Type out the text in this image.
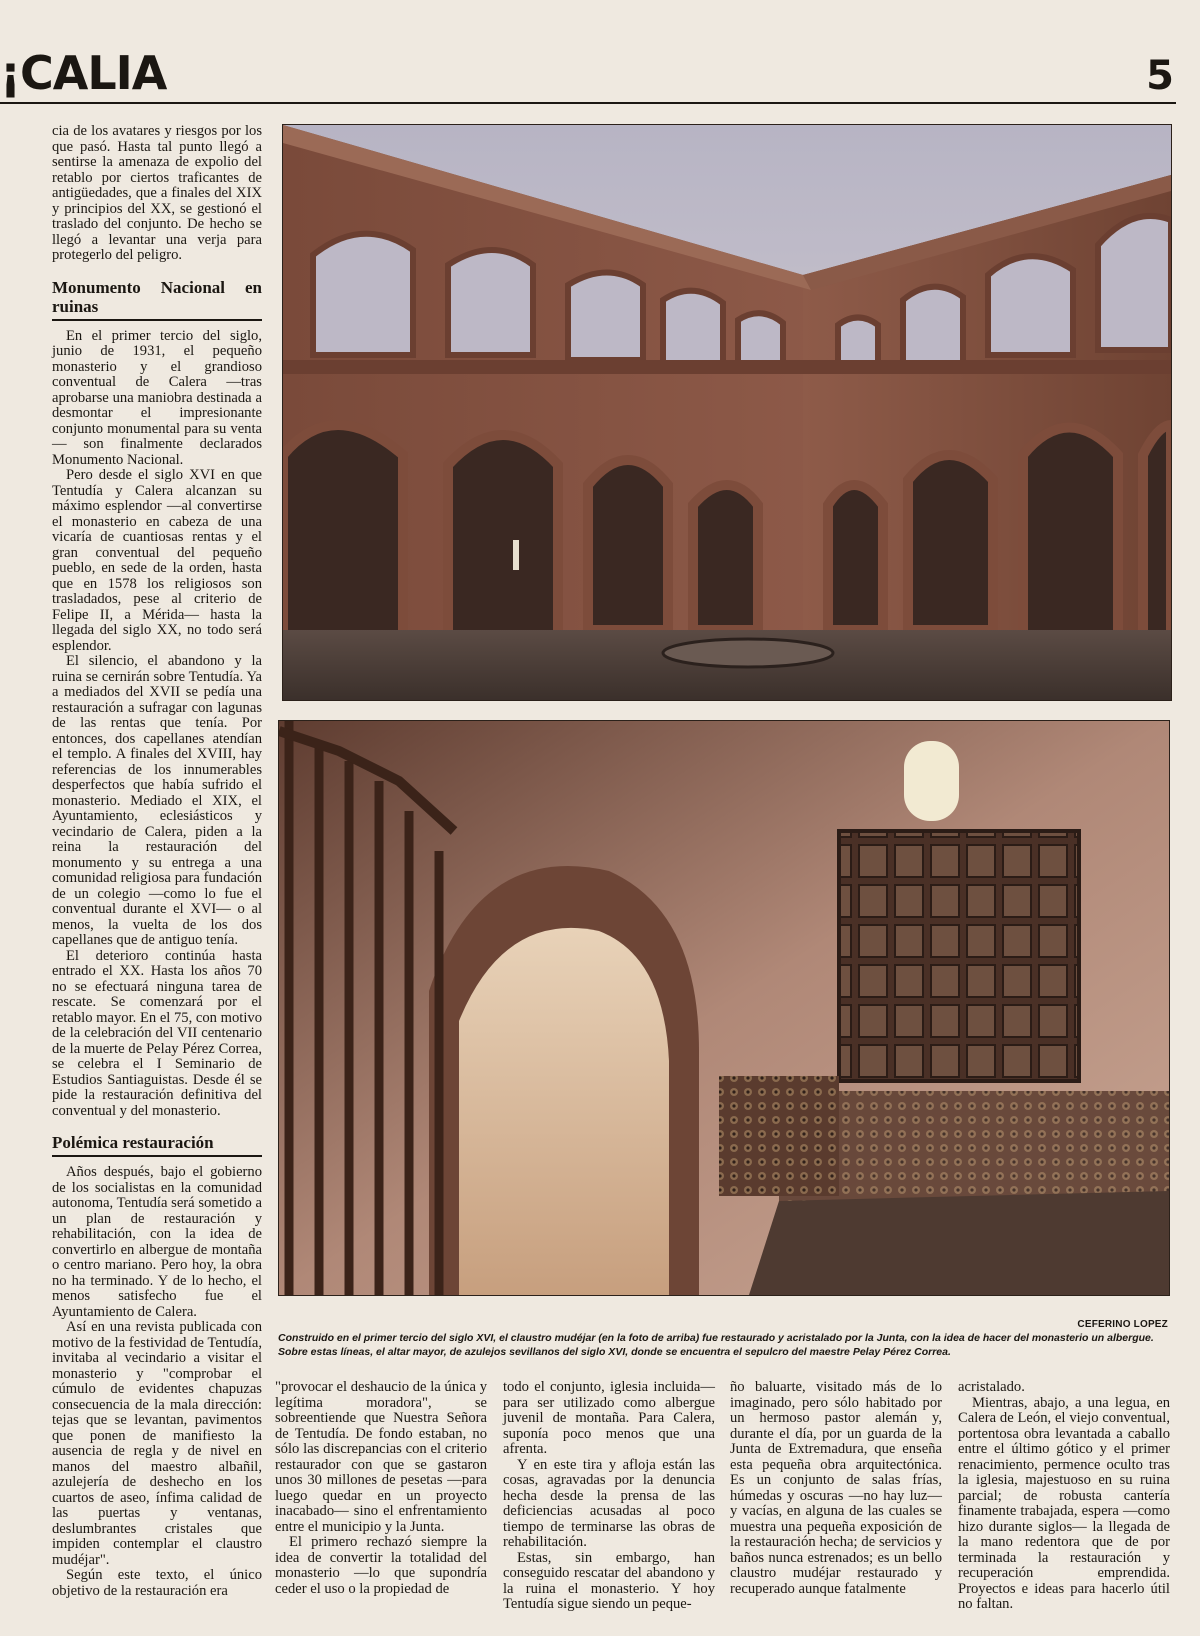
¡CALIA	5

cia de los avatares y riesgos por los que pasó. Hasta tal punto llegó a sentirse la amenaza de expolio del retablo por ciertos traficantes de antigüedades, que a finales del XIX y principios del XX, se gestionó el traslado del conjunto. De hecho se llegó a levantar una verja para protegerlo del peligro.

Monumento Nacional en ruinas

En el primer tercio del siglo, junio de 1931, el pequeño monasterio y el grandioso conventual de Calera —tras aprobarse una maniobra destinada a desmontar el impresionante conjunto monumental para su venta— son finalmente declarados Monumento Nacional.

Pero desde el siglo XVI en que Tentudía y Calera alcanzan su máximo esplendor —al convertirse el monasterio en cabeza de una vicaría de cuantiosas rentas y el gran conventual del pequeño pueblo, en sede de la orden, hasta que en 1578 los religiosos son trasladados, pese al criterio de Felipe II, a Mérida— hasta la llegada del siglo XX, no todo será esplendor.

El silencio, el abandono y la ruina se cernirán sobre Tentudía. Ya a mediados del XVII se pedía una restauración a sufragar con lagunas de las rentas que tenía. Por entonces, dos capellanes atendían el templo. A finales del XVIII, hay referencias de los innumerables desperfectos que había sufrido el monasterio. Mediado el XIX, el Ayuntamiento, eclesiásticos y vecindario de Calera, piden a la reina la restauración del monumento y su entrega a una comunidad religiosa para fundación de un colegio —como lo fue el conventual durante el XVI— o al menos, la vuelta de los dos capellanes que de antiguo tenía.

El deterioro continúa hasta entrado el XX. Hasta los años 70 no se efectuará ninguna tarea de rescate. Se comenzará por el retablo mayor. En el 75, con motivo de la celebración del VII centenario de la muerte de Pelay Pérez Correa, se celebra el I Seminario de Estudios Santiaguistas. Desde él se pide la restauración definitiva del conventual y del monasterio.

Polémica restauración

Años después, bajo el gobierno de los socialistas en la comunidad autonoma, Tentudía será sometido a un plan de restauración y rehabilitación, con la idea de convertirlo en albergue de montaña o centro mariano. Pero hoy, la obra no ha terminado. Y de lo hecho, el menos satisfecho fue el Ayuntamiento de Calera.

Así en una revista publicada con motivo de la festividad de Tentudía, invitaba al vecindario a visitar el monasterio y "comprobar el cúmulo de evidentes chapuzas consecuencia de la mala dirección: tejas que se levantan, pavimentos que ponen de manifiesto la ausencia de regla y de nivel en manos del maestro albañil, azulejería de deshecho en los cuartos de aseo, ínfima calidad de las puertas y ventanas, deslumbrantes cristales que impiden contemplar el claustro mudéjar".

Según este texto, el único objetivo de la restauración era

CEFERINO LOPEZ
Construido en el primer tercio del siglo XVI, el claustro mudéjar (en la foto de arriba) fue restaurado y acristalado por la Junta, con la idea de hacer del monasterio un albergue. Sobre estas líneas, el altar mayor, de azulejos sevillanos del siglo XVI, donde se encuentra el sepulcro del maestre Pelay Pérez Correa.

"provocar el deshaucio de la única y legítima moradora", se sobreentiende que Nuestra Señora de Tentudía. De fondo estaban, no sólo las discrepancias con el criterio restaurador con que se gastaron unos 30 millones de pesetas —para luego quedar en un proyecto inacabado— sino el enfrentamiento entre el municipio y la Junta.

El primero rechazó siempre la idea de convertir la totalidad del monasterio —lo que supondría ceder el uso o la propiedad de

todo el conjunto, iglesia incluida— para ser utilizado como albergue juvenil de montaña. Para Calera, suponía poco menos que una afrenta.

Y en este tira y afloja están las cosas, agravadas por la denuncia hecha desde la prensa de las deficiencias acusadas al poco tiempo de terminarse las obras de rehabilitación.

Estas, sin embargo, han conseguido rescatar del abandono y la ruina el monasterio. Y hoy Tentudía sigue siendo un peque-

ño baluarte, visitado más de lo imaginado, pero sólo habitado por un hermoso pastor alemán y, durante el día, por un guarda de la Junta de Extremadura, que enseña esta pequeña obra arquitectónica. Es un conjunto de salas frías, húmedas y oscuras —no hay luz— y vacías, en alguna de las cuales se muestra una pequeña exposición de la restauración hecha; de servicios y baños nunca estrenados; es un bello claustro mudéjar restaurado y recuperado aunque fatalmente

acristalado.

Mientras, abajo, a una legua, en Calera de León, el viejo conventual, portentosa obra levantada a caballo entre el último gótico y el primer renacimiento, permence oculto tras la iglesia, majestuoso en su ruina parcial; de robusta cantería finamente trabajada, espera —como hizo durante siglos— la llegada de la mano redentora que de por terminada la restauración y recuperación emprendida. Proyectos e ideas para hacerlo útil no faltan.
